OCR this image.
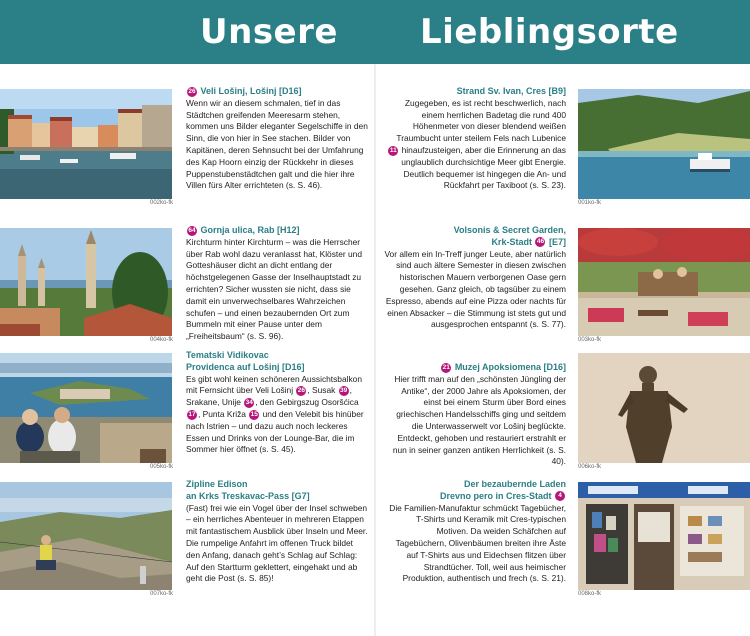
Unsere Lieblingsorte
002ko-fk
26 Veli Lošinj, Lošinj [D16]
Wenn wir an diesem schmalen, tief in das Städtchen greifenden Meeresarm stehen, kommen uns Bilder eleganter Segelschiffe in den Sinn, die von hier in See stachen. Bilder von Kapitänen, deren Sehnsucht bei der Umfahrung des Kap Hoorn einzig der Rückkehr in dieses Puppenstubenstädtchen galt und die hier ihre Villen fürs Alter errichteten (s. S. 46).
004ko-fk
64 Gornja ulica, Rab [H12]
Kirchturm hinter Kirchturm – was die Herrscher über Rab wohl dazu veranlasst hat, Klöster und Gotteshäuser dicht an dicht entlang der höchstgelegenen Gasse der Inselhauptstadt zu errichten? Sicher wussten sie nicht, dass sie damit ein unverwechselbares Wahrzeichen schufen – und einen bezaubernden Ort zum Bummeln mit einer Pause unter dem „Freiheitsbaum“ (s. S. 96).
005ko-fk
Tematski Vidikovac
Providenca auf Lošinj [D16]
Es gibt wohl keinen schöneren Aussichtsbalkon mit Fernsicht über Veli Lošinj 26 , Susak 39 , Srakane, Unije 34 , den Gebirgszug Osoršćica 17 , Punta Križa 15 und den Velebit bis hinüber nach Istrien – und dazu auch noch leckeres Essen und Drinks von der Lounge-Bar, die im Sommer hier öffnet (s. S. 45).
007ko-fk
Zipline Edison
an Krks Treskavac-Pass [G7]
(Fast) frei wie ein Vogel über der Insel schweben – ein herrliches Abenteuer in mehreren Etappen mit fantastischem Ausblick über Inseln und Meer. Die rumpelige Anfahrt im offenen Truck bildet den Anfang, danach geht’s Schlag auf Schlag: Auf den Startturm geklettert, eingehakt und ab geht die Post (s. S. 85)!
Strand Sv. Ivan, Cres [B9]
Zugegeben, es ist recht beschwerlich, nach einem herrlichen Badetag die rund 400 Höhenmeter von dieser blendend weißen Traumbucht unter steilem Fels nach Lubenice 11 hinaufzusteigen, aber die Erinnerung an das unglaublich durchsichtige Meer gibt Energie. Deutlich bequemer ist hingegen die An- und Rückfahrt per Taxiboot (s. S. 23).
001ko-fk
Volsonis & Secret Garden,
Krk-Stadt 46 [E7]
Vor allem ein In-Treff junger Leute, aber natürlich sind auch ältere Semester in diesen zwischen historischen Mauern verborgenen Oase gern gesehen. Ganz gleich, ob tagsüber zu einem Espresso, abends auf eine Pizza oder nachts für einen Absacker – die Stimmung ist stets gut und ausgesprochen entspannt (s. S. 77).
003ko-fk
21 Muzej Apoksiomena [D16]
Hier trifft man auf den „schönsten Jüngling der Antike“, der 2000 Jahre als Apoksiomen, der einst bei einem Sturm über Bord eines griechischen Handelsschiffs ging und seitdem die Unterwasserwelt vor Lošinj beglückte. Entdeckt, gehoben und restauriert erstrahlt er nun in seiner ganzen antiken Herrlichkeit (s. S. 40).
006ko-fk
Der bezaubernde Laden
Drevno pero in Cres-Stadt 4
Die Familien-Manufaktur schmückt Tagebücher, T-Shirts und Keramik mit Cres-typischen Motiven. Da weiden Schäfchen auf Tagebüchern, Olivenbäumen breiten ihre Äste auf T-Shirts aus und Eidechsen flitzen über Strandtücher. Toll, weil aus heimischer Produktion, authentisch und frech (s. S. 21).
008ko-fk
